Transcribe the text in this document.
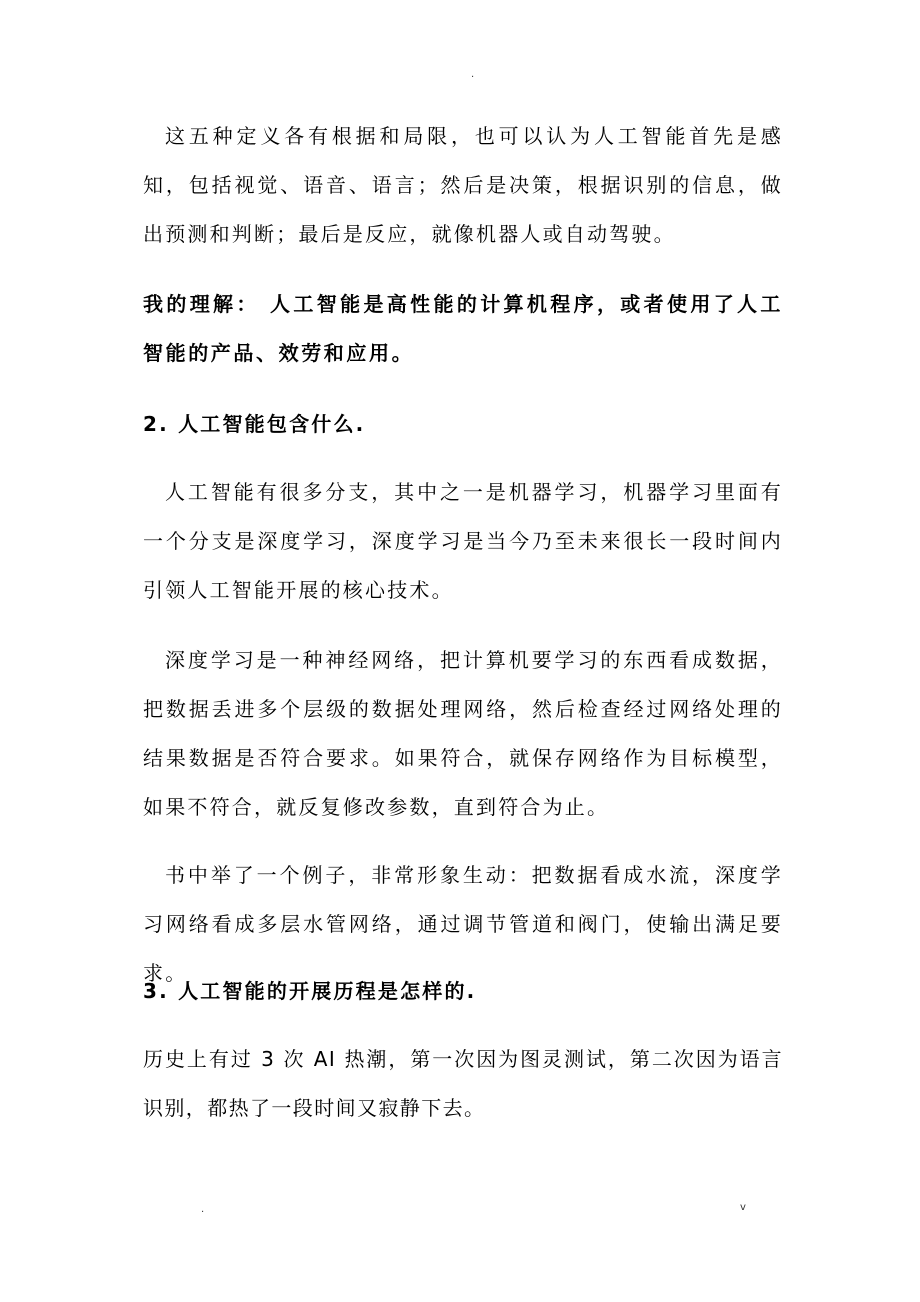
.

这五种定义各有根据和局限，也可以认为人工智能首先是感知，包括视觉、语音、语言；然后是决策，根据识别的信息，做出预测和判断；最后是反应，就像机器人或自动驾驶。

我的理解： 人工智能是高性能的计算机程序，或者使用了人工智能的产品、效劳和应用。

2. 人工智能包含什么.

人工智能有很多分支，其中之一是机器学习，机器学习里面有一个分支是深度学习，深度学习是当今乃至未来很长一段时间内引领人工智能开展的核心技术。

深度学习是一种神经网络，把计算机要学习的东西看成数据，把数据丢进多个层级的数据处理网络，然后检查经过网络处理的结果数据是否符合要求。如果符合，就保存网络作为目标模型，如果不符合，就反复修改参数，直到符合为止。

书中举了一个例子，非常形象生动：把数据看成水流，深度学习网络看成多层水管网络，通过调节管道和阀门，使输出满足要求。

3. 人工智能的开展历程是怎样的.

历史上有过 3 次 AI 热潮，第一次因为图灵测试，第二次因为语言识别，都热了一段时间又寂静下去。

.	v
